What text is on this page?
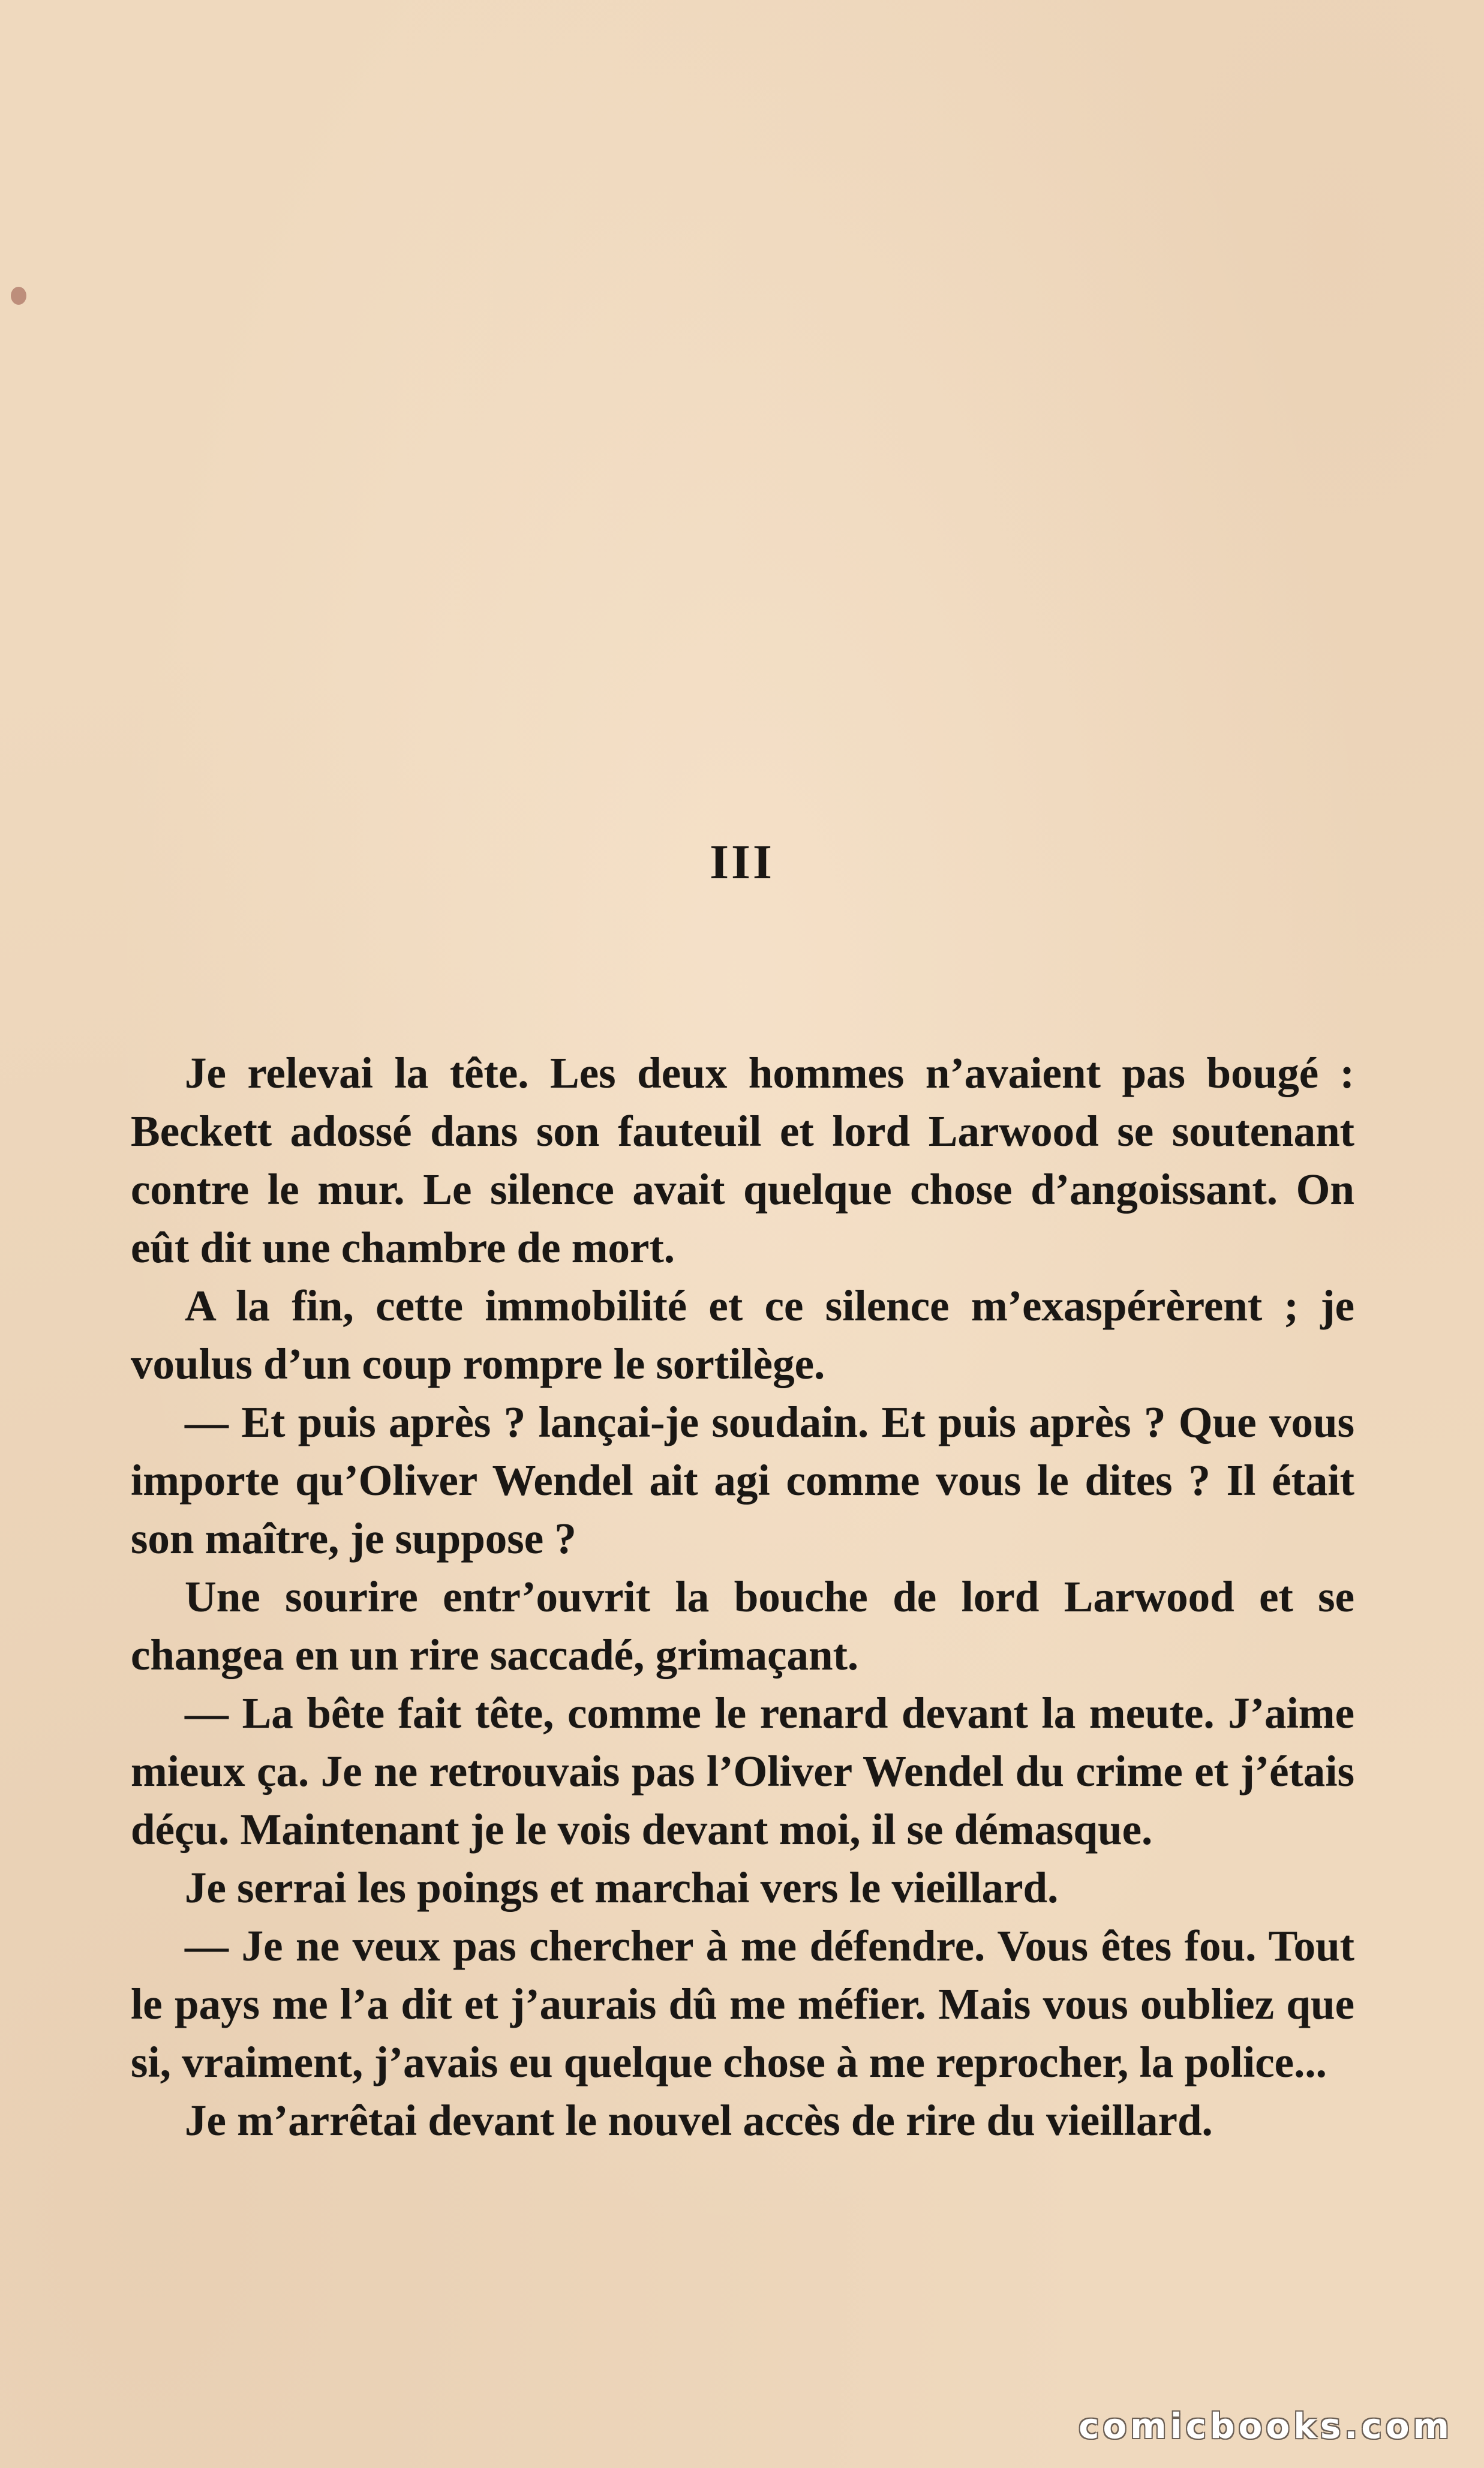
III

Je relevai la tête. Les deux hommes n’avaient pas bougé : Beckett adossé dans son fauteuil et lord Larwood se soutenant contre le mur. Le silence avait quelque chose d’angoissant. On eût dit une chambre de mort.

A la fin, cette immobilité et ce silence m’exaspérèrent ; je voulus d’un coup rompre le sortilège.

— Et puis après ? lançai-je soudain. Et puis après ? Que vous importe qu’Oliver Wendel ait agi comme vous le dites ? Il était son maître, je suppose ?

Une sourire entr’ouvrit la bouche de lord Larwood et se changea en un rire saccadé, grimaçant.

— La bête fait tête, comme le renard devant la meute. J’aime mieux ça. Je ne retrouvais pas l’Oliver Wendel du crime et j’étais déçu. Maintenant je le vois devant moi, il se démasque.

Je serrai les poings et marchai vers le vieillard.

— Je ne veux pas chercher à me défendre. Vous êtes fou. Tout le pays me l’a dit et j’aurais dû me méfier. Mais vous oubliez que si, vraiment, j’avais eu quelque chose à me reprocher, la police...

Je m’arrêtai devant le nouvel accès de rire du vieillard.

comicbooks.com
